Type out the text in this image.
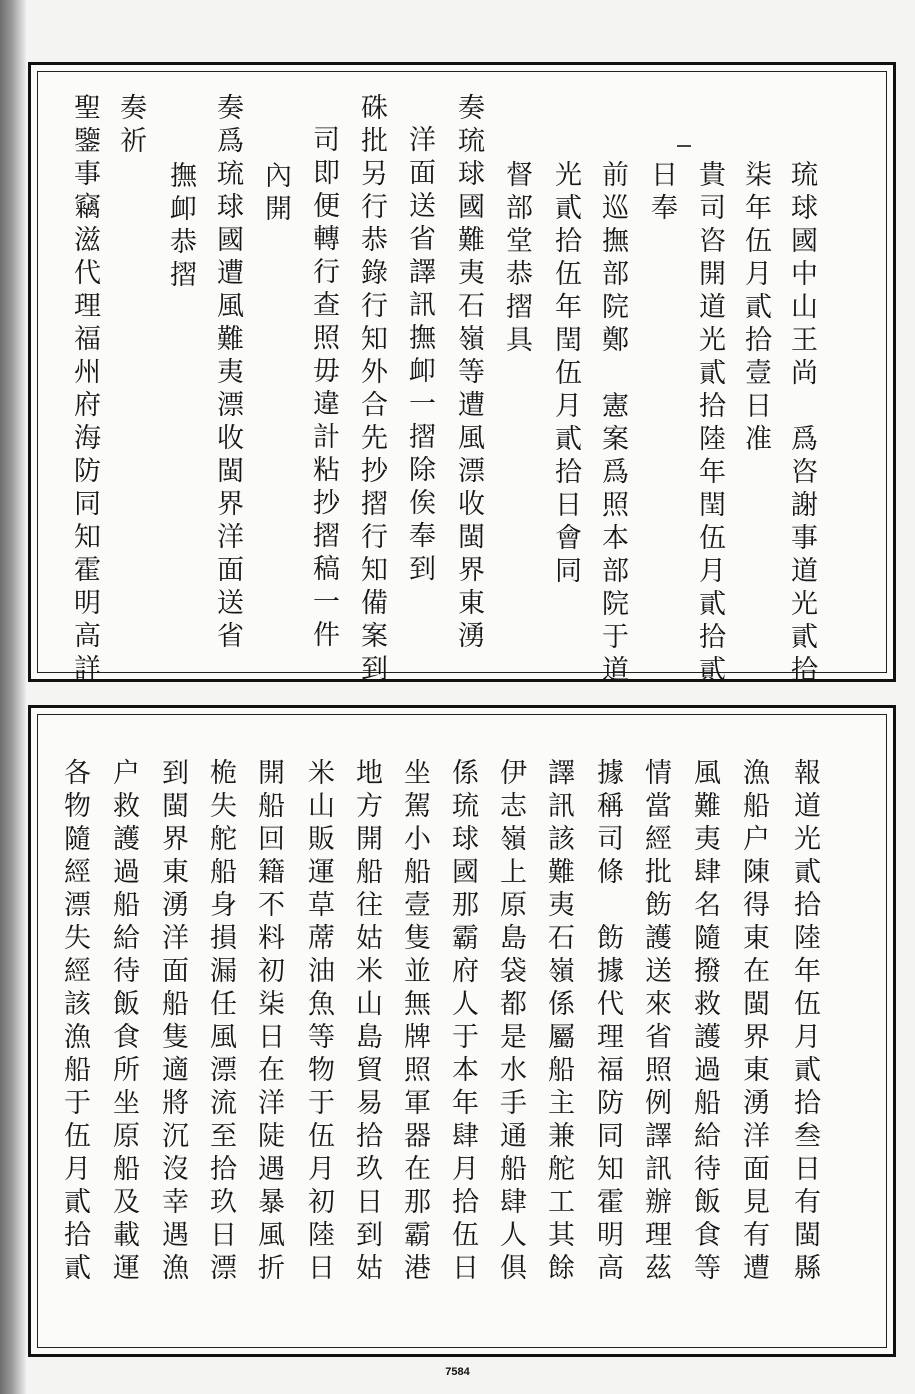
琉球國中山王尚　爲咨謝事道光貳拾
柒年伍月貳拾壹日准
貴司咨開道光貳拾陸年閏伍月貳拾貳
日奉
前巡撫部院鄭　憲案爲照本部院于道
光貳拾伍年閏伍月貳拾日會同
督部堂恭摺具
奏琉球國難夷石嶺等遭風漂收閩界東湧
洋面送省譯訊撫卹一摺除俟奉到
硃批另行恭錄行知外合先抄摺行知備案到
司即便轉行查照毋違計粘抄摺稿一件
內開
奏爲琉球國遭風難夷漂收閩界洋面送省
撫卹恭摺
奏祈
聖鑒事竊滋代理福州府海防同知霍明高詳
報道光貳拾陸年伍月貳拾叁日有閩縣
漁船户陳得東在閩界東湧洋面見有遭
風難夷肆名隨撥救護過船給待飯食等
情當經批飭護送來省照例譯訊辦理茲
據稱司條　飭據代理福防同知霍明高
譯訊該難夷石嶺係屬船主兼舵工其餘
伊志嶺上原島袋都是水手通船肆人俱
係琉球國那霸府人于本年肆月拾伍日
坐駕小船壹隻並無牌照軍器在那霸港
地方開船往姑米山島貿易拾玖日到姑
米山販運草蓆油魚等物于伍月初陸日
開船回籍不料初柒日在洋陡遇暴風折
桅失舵船身損漏任風漂流至拾玖日漂
到閩界東湧洋面船隻適將沉沒幸遇漁
户救護過船給待飯食所坐原船及載運
各物隨經漂失經該漁船于伍月貳拾貳
7584
